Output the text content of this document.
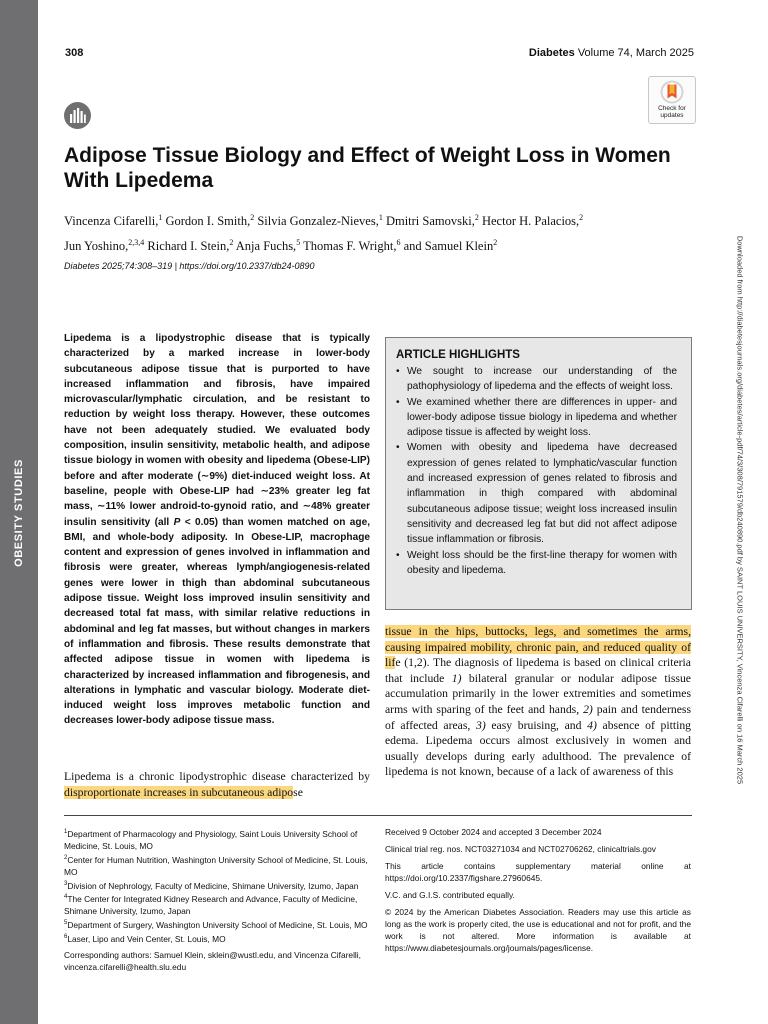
OBESITY STUDIES
308	Diabetes Volume 74, March 2025
Check for
updates
Adipose Tissue Biology and Effect of Weight Loss in Women With Lipedema
Vincenza Cifarelli,$^1$ Gordon I. Smith,$^2$ Silvia Gonzalez-Nieves,$^1$ Dmitri Samovski,$^2$ Hector H. Palacios,$^2$
Jun Yoshino,$^{2,3,4}$ Richard I. Stein,$^2$ Anja Fuchs,$^5$ Thomas F. Wright,$^6$ and Samuel Klein$^2$
Diabetes 2025;74:308–319 | https://doi.org/10.2337/db24-0890	Downloaded from http://diabetesjournals.org/diabetes/article-pdf/74/3/308/791579/db240890.pdf by SAINT LOUIS UNIVERSITY, Vincenza Cifarelli on 16 March 2025

Lipedema is a lipodystrophic disease that is typically characterized by a marked increase in lower-body subcutaneous adipose tissue that is purported to have increased inflammation and fibrosis, have impaired microvascular/lymphatic circulation, and be resistant to reduction by weight loss therapy. However, these outcomes have not been adequately studied. We evaluated body composition, insulin sensitivity, metabolic health, and adipose tissue biology in women with obesity and lipedema (Obese-LIP) before and after moderate (∼9%) diet-induced weight loss. At baseline, people with Obese-LIP had ∼23% greater leg fat mass, ∼11% lower android-to-gynoid ratio, and ∼48% greater insulin sensitivity (all P < 0.05) than women matched on age, BMI, and whole-body adiposity. In Obese-LIP, macrophage content and expression of genes involved in inflammation and fibrosis were greater, whereas lymph/angiogenesis-related genes were lower in thigh than abdominal subcutaneous adipose tissue. Weight loss improved insulin sensitivity and decreased total fat mass, with similar relative reductions in abdominal and leg fat masses, but without changes in markers of inflammation and fibrosis. These results demonstrate that affected adipose tissue in women with lipedema is characterized by increased inflammation and fibrogenesis, and alterations in lymphatic and vascular biology. Moderate diet-induced weight loss improves metabolic function and decreases lower-body adipose tissue mass.

ARTICLE HIGHLIGHTS
• We sought to increase our understanding of the pathophysiology of lipedema and the effects of weight loss.
• We examined whether there are differences in upper- and lower-body adipose tissue biology in lipedema and whether adipose tissue is affected by weight loss.
• Women with obesity and lipedema have decreased expression of genes related to lymphatic/vascular function and increased expression of genes related to fibrosis and inflammation in thigh compared with abdominal subcutaneous adipose tissue; weight loss increased insulin sensitivity and decreased leg fat but did not affect adipose tissue inflammation or fibrosis.
• Weight loss should be the first-line therapy for women with obesity and lipedema.

Lipedema is a chronic lipodystrophic disease characterized by disproportionate increases in subcutaneous adipose

tissue in the hips, buttocks, legs, and sometimes the arms, causing impaired mobility, chronic pain, and reduced quality of life (1,2). The diagnosis of lipedema is based on clinical criteria that include 1) bilateral granular or nodular adipose tissue accumulation primarily in the lower extremities and sometimes arms with sparing of the feet and hands, 2) pain and tenderness of affected areas, 3) easy bruising, and 4) absence of pitting edema. Lipedema occurs almost exclusively in women and usually develops during early adulthood. The prevalence of lipedema is not known, because of a lack of awareness of this

$^1$Department of Pharmacology and Physiology, Saint Louis University School of Medicine, St. Louis, MO

$^2$Center for Human Nutrition, Washington University School of Medicine, St. Louis, MO

$^3$Division of Nephrology, Faculty of Medicine, Shimane University, Izumo, Japan

$^4$The Center for Integrated Kidney Research and Advance, Faculty of Medicine, Shimane University, Izumo, Japan

$^5$Department of Surgery, Washington University School of Medicine, St. Louis, MO

$^6$Laser, Lipo and Vein Center, St. Louis, MO

Corresponding authors: Samuel Klein, sklein@wustl.edu, and Vincenza Cifarelli, vincenza.cifarelli@health.slu.edu

Received 9 October 2024 and accepted 3 December 2024

Clinical trial reg. nos. NCT03271034 and NCT02706262, clinicaltrials.gov

This article contains supplementary material online at https://doi.org/10.2337/figshare.27960645.

V.C. and G.I.S. contributed equally.

© 2024 by the American Diabetes Association. Readers may use this article as long as the work is properly cited, the use is educational and not for profit, and the work is not altered. More information is available at https://www.diabetesjournals.org/journals/pages/license.
